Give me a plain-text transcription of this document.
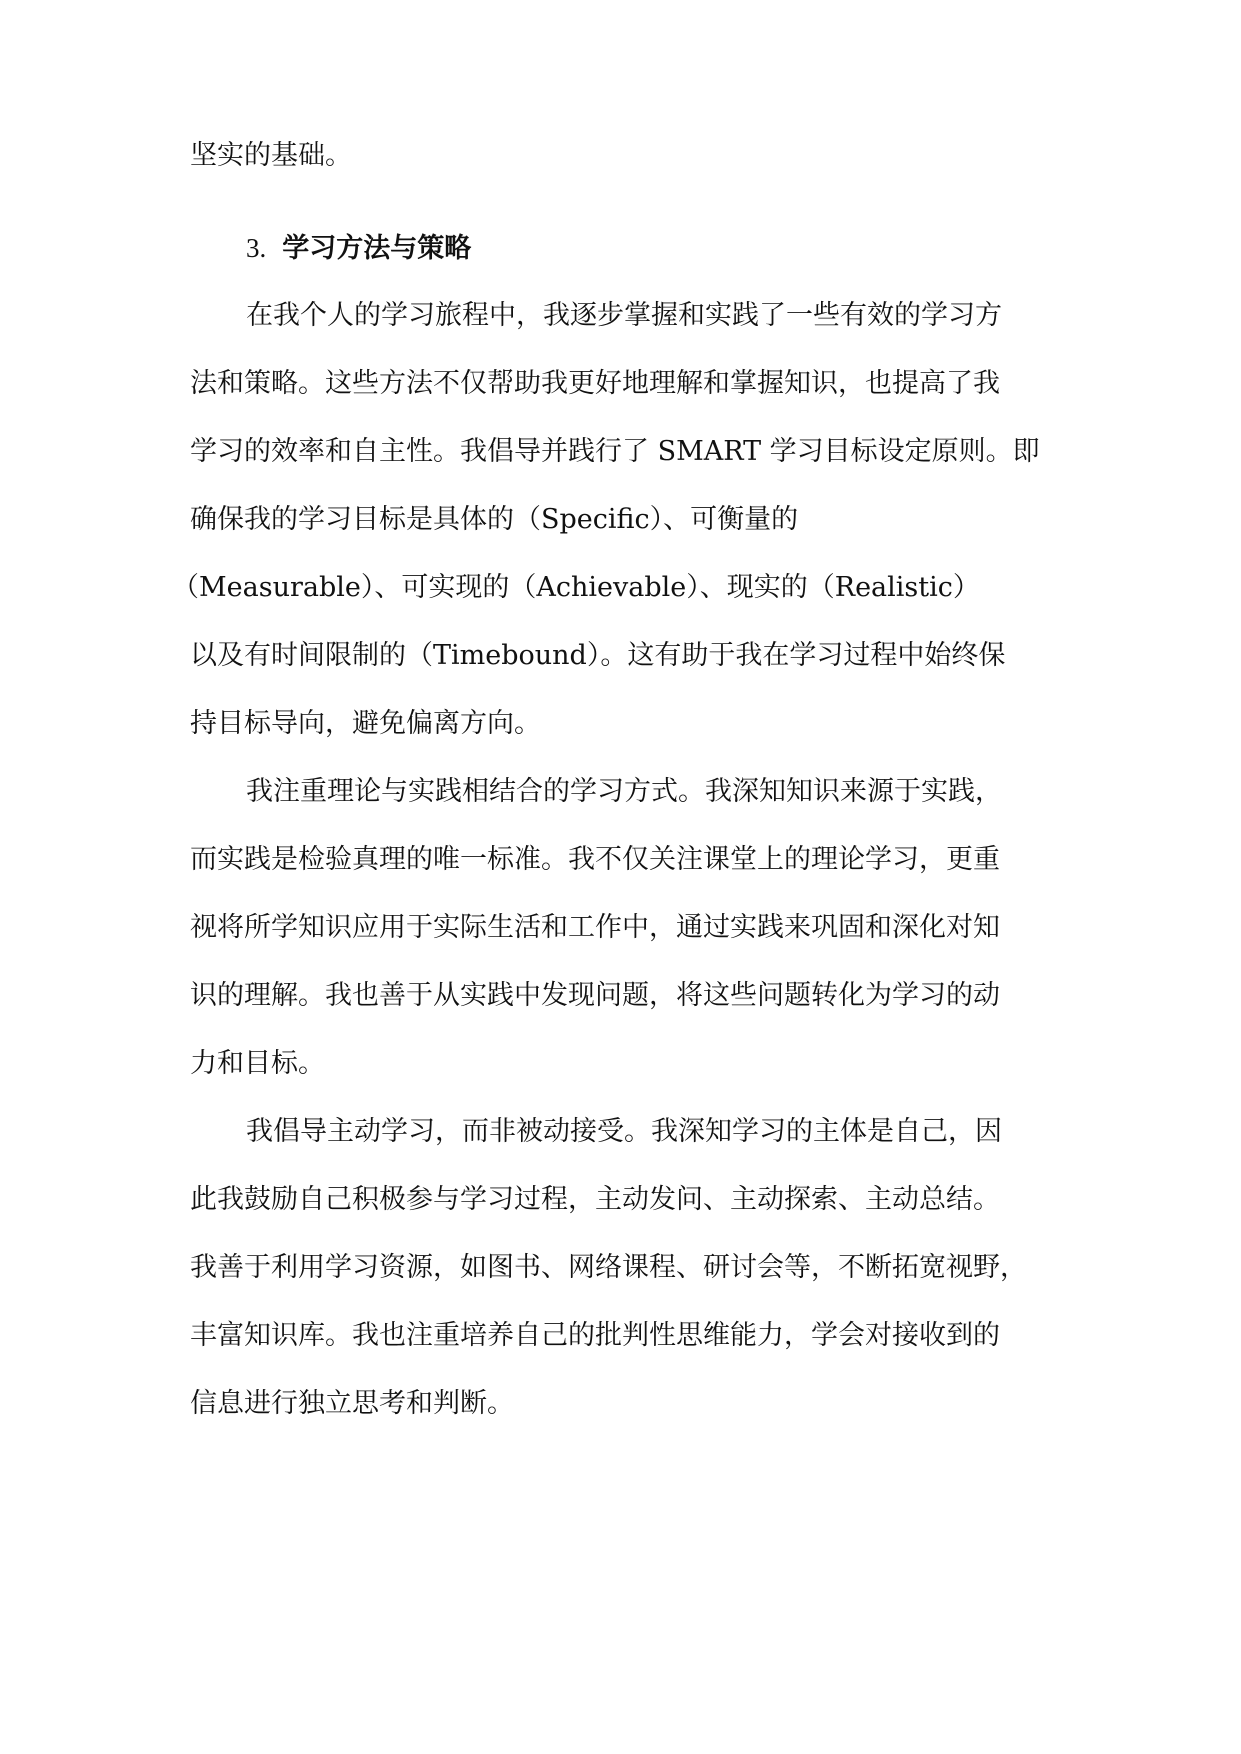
坚实的基础。
3. 学习方法与策略
在我个人的学习旅程中，我逐步掌握和实践了一些有效的学习方
法和策略。这些方法不仅帮助我更好地理解和掌握知识，也提高了我
学习的效率和自主性。我倡导并践行了 SMART 学习目标设定原则。即
确保我的学习目标是具体的（Specific）、可衡量的
（Measurable）、可实现的（Achievable）、现实的（Realistic）
以及有时间限制的（Timebound）。这有助于我在学习过程中始终保
持目标导向，避免偏离方向。
我注重理论与实践相结合的学习方式。我深知知识来源于实践，
而实践是检验真理的唯一标准。我不仅关注课堂上的理论学习，更重
视将所学知识应用于实际生活和工作中，通过实践来巩固和深化对知
识的理解。我也善于从实践中发现问题，将这些问题转化为学习的动
力和目标。
我倡导主动学习，而非被动接受。我深知学习的主体是自己，因
此我鼓励自己积极参与学习过程，主动发问、主动探索、主动总结。
我善于利用学习资源，如图书、网络课程、研讨会等，不断拓宽视野，
丰富知识库。我也注重培养自己的批判性思维能力，学会对接收到的
信息进行独立思考和判断。
